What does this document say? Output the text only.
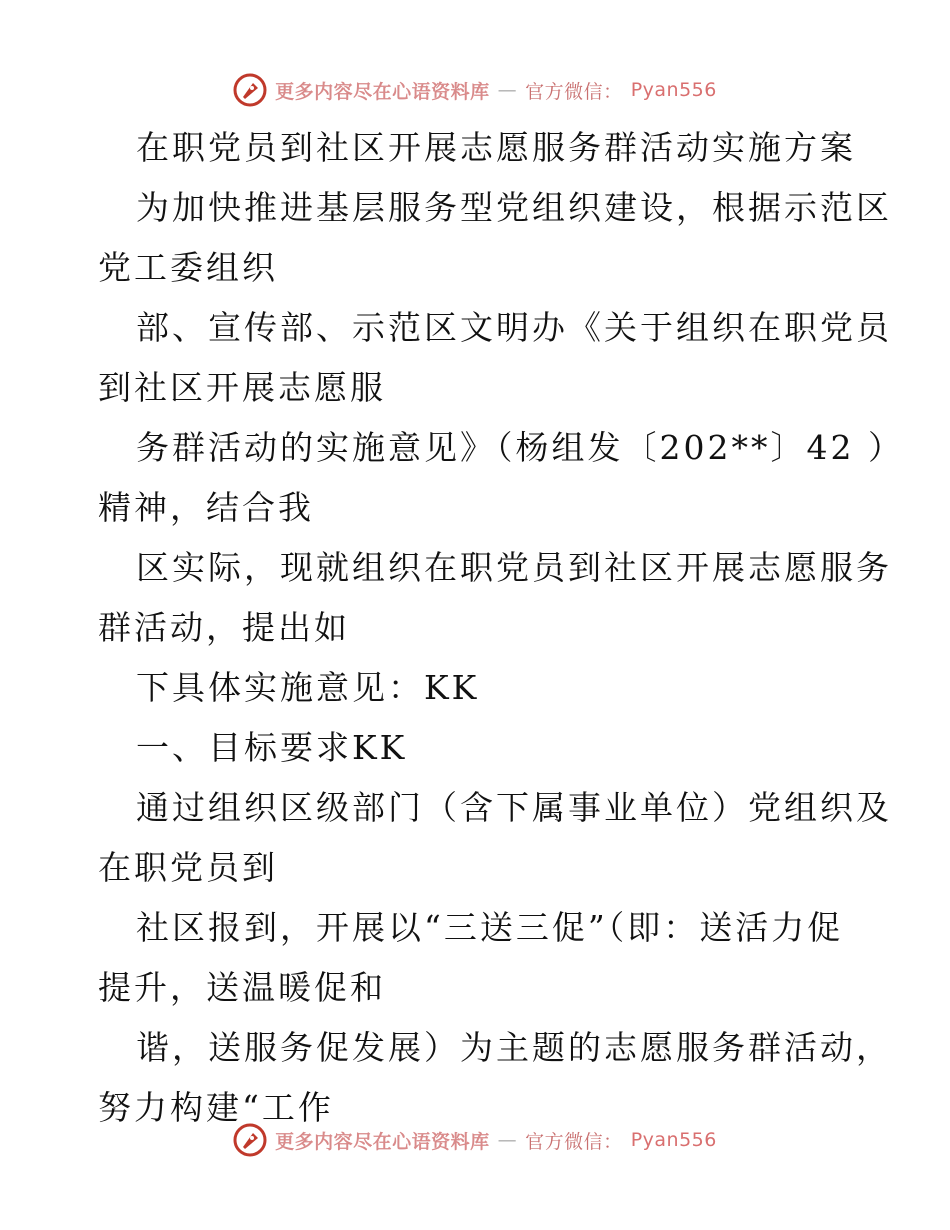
更多内容尽在心语资料库 — 官方微信： Pyan556
在职党员到社区开展志愿服务群活动实施方案
为加快推进基层服务型党组织建设，根据示范区
党工委组织
部、宣传部、示范区文明办《关于组织在职党员
到社区开展志愿服
务群活动的实施意见》（杨组发〔202**〕42 ）
精神，结合我
区实际，现就组织在职党员到社区开展志愿服务
群活动，提出如
下具体实施意见：KK
一、目标要求KK
通过组织区级部门（含下属事业单位）党组织及
在职党员到
社区报到，开展以“三送三促”（即：送活力促
提升，送温暖促和
谐，送服务促发展）为主题的志愿服务群活动，
努力构建“工作
更多内容尽在心语资料库 — 官方微信： Pyan556
